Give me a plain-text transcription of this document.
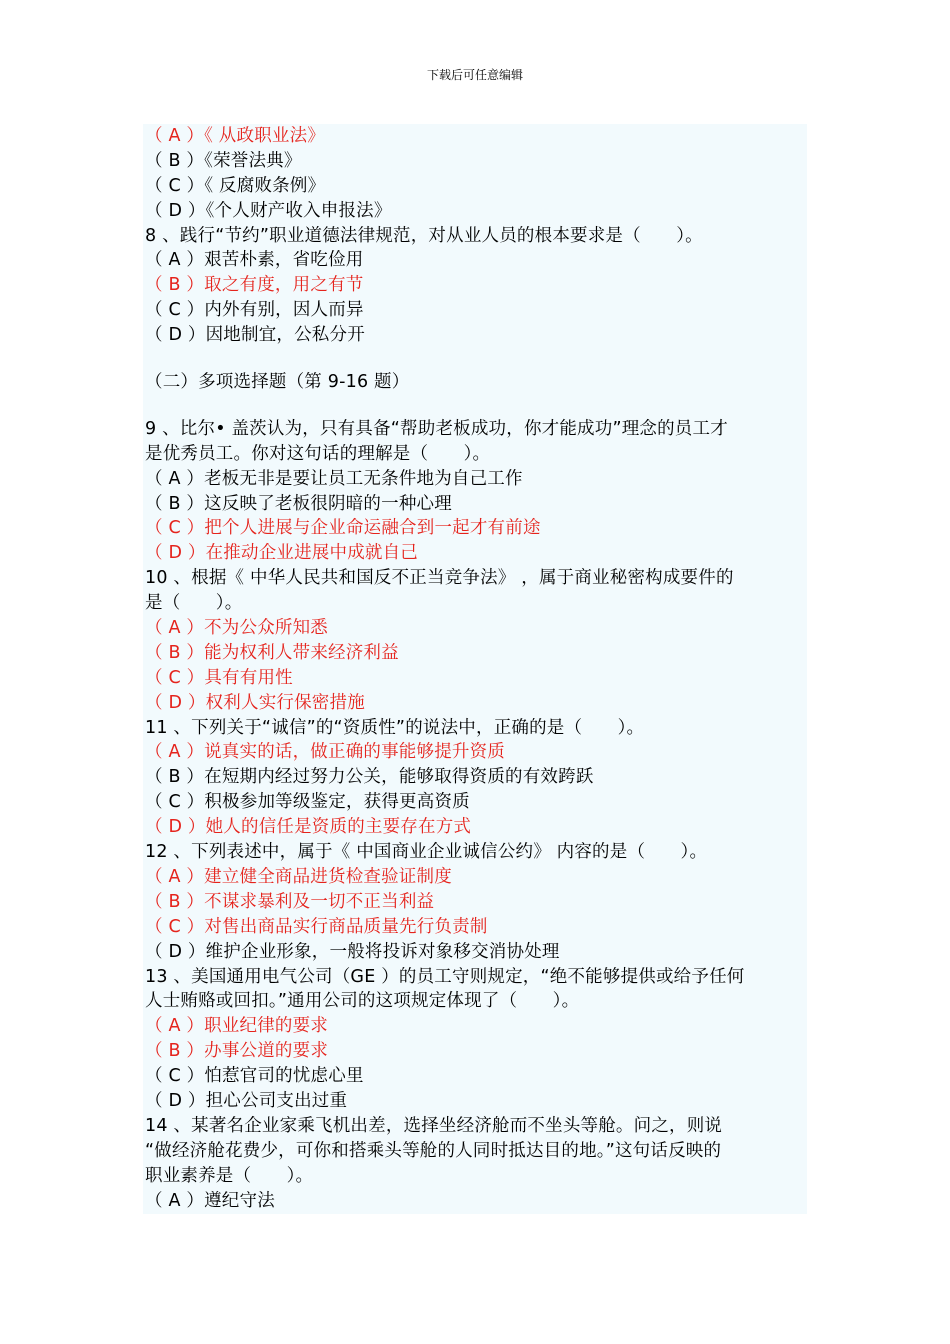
下载后可任意编辑
（ A ）《 从政职业法》
（ B ）《荣誉法典》
（ C ）《 反腐败条例》
（ D ）《个人财产收入申报法》
8 、践行“节约”职业道德法律规范，对从业人员的根本要求是（　　）。
（ A ）艰苦朴素，省吃俭用
（ B ）取之有度，用之有节
（ C ）内外有别，因人而异
（ D ）因地制宜，公私分开
（二）多项选择题（第 9-16 题）
9 、比尔• 盖茨认为，只有具备“帮助老板成功，你才能成功”理念的员工才
是优秀员工。你对这句话的理解是（　　）。
（ A ）老板无非是要让员工无条件地为自己工作
（ B ）这反映了老板很阴暗的一种心理
（ C ）把个人进展与企业命运融合到一起才有前途
（ D ）在推动企业进展中成就自己
10 、根据《 中华人民共和国反不正当竞争法》 ，属于商业秘密构成要件的
是（　　）。
（ A ）不为公众所知悉
（ B ）能为权利人带来经济利益
（ C ）具有有用性
（ D ）权利人实行保密措施
11 、下列关于“诚信”的“资质性”的说法中，正确的是（　　）。
（ A ）说真实的话，做正确的事能够提升资质
（ B ）在短期内经过努力公关，能够取得资质的有效跨跃
（ C ）积极参加等级鉴定，获得更高资质
（ D ）她人的信任是资质的主要存在方式
12 、下列表述中，属于《 中国商业企业诚信公约》 内容的是（　　）。
（ A ）建立健全商品进货检查验证制度
（ B ）不谋求暴利及一切不正当利益
（ C ）对售出商品实行商品质量先行负责制
（ D ）维护企业形象，一般将投诉对象移交消协处理
13 、美国通用电气公司（GE ）的员工守则规定，“绝不能够提供或给予任何
人士贿赂或回扣。”通用公司的这项规定体现了（　　）。
（ A ）职业纪律的要求
（ B ）办事公道的要求
（ C ）怕惹官司的忧虑心里
（ D ）担心公司支出过重
14 、某著名企业家乘飞机出差，选择坐经济舱而不坐头等舱。问之，则说
“做经济舱花费少，可你和搭乘头等舱的人同时抵达目的地。”这句话反映的
职业素养是（　　）。
（ A ）遵纪守法
